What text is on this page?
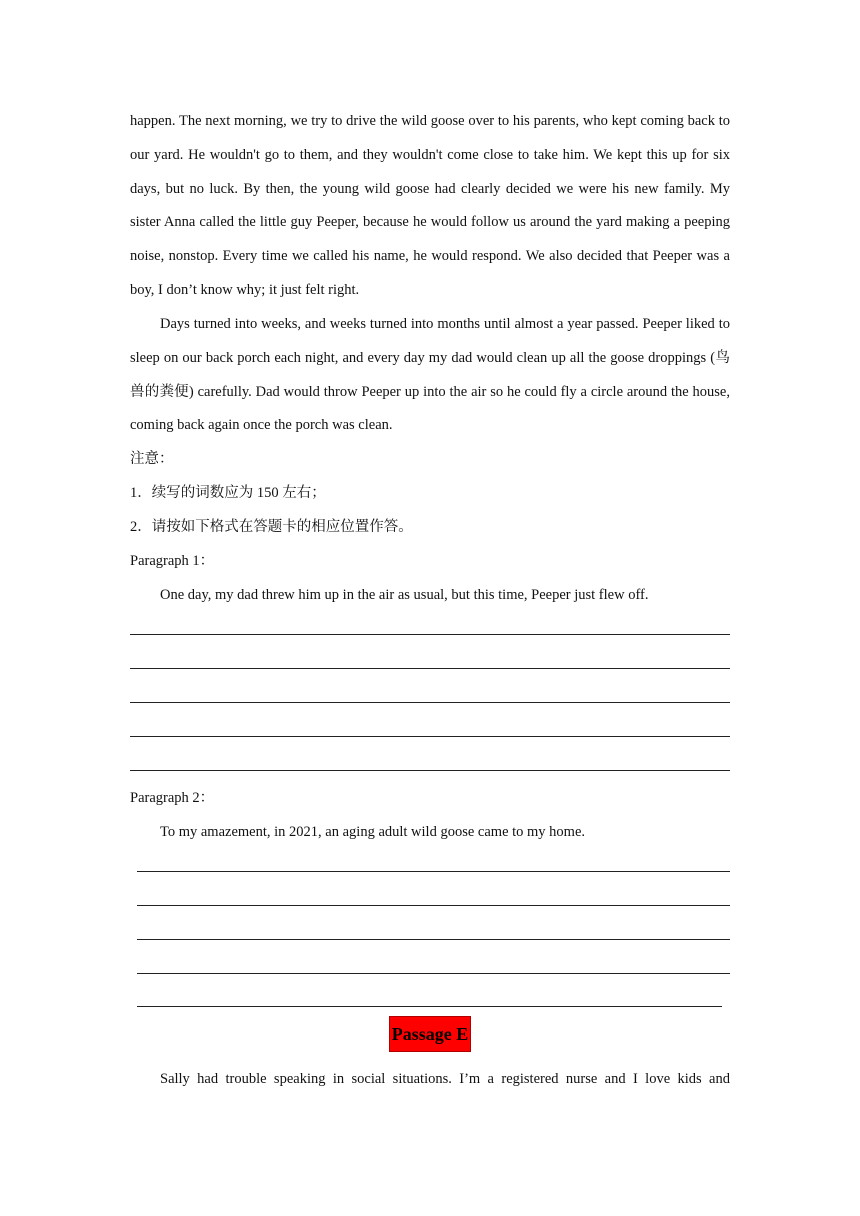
happen. The next morning, we try to drive the wild goose over to his parents, who kept coming back to our yard. He wouldn't go to them, and they wouldn't come close to take him. We kept this up for six days, but no luck. By then, the young wild goose had clearly decided we were his new family. My sister Anna called the little guy Peeper, because he would follow us around the yard making a peeping noise, nonstop. Every time we called his name, he would respond. We also decided that Peeper was a boy, I don’t know why; it just felt right.

Days turned into weeks, and weeks turned into months until almost a year passed. Peeper liked to sleep on our back porch each night, and every day my dad would clean up all the goose droppings (鸟兽的粪便) carefully. Dad would throw Peeper up into the air so he could fly a circle around the house, coming back again once the porch was clean.

注意：

1．续写的词数应为 150 左右；

2．请按如下格式在答题卡的相应位置作答。

Paragraph 1：

One day, my dad threw him up in the air as usual, but this time, Peeper just flew off.

Paragraph 2：

To my amazement, in 2021, an aging adult wild goose came to my home.

Passage E

Sally had trouble speaking in social situations. I’m a registered nurse and I love kids and
